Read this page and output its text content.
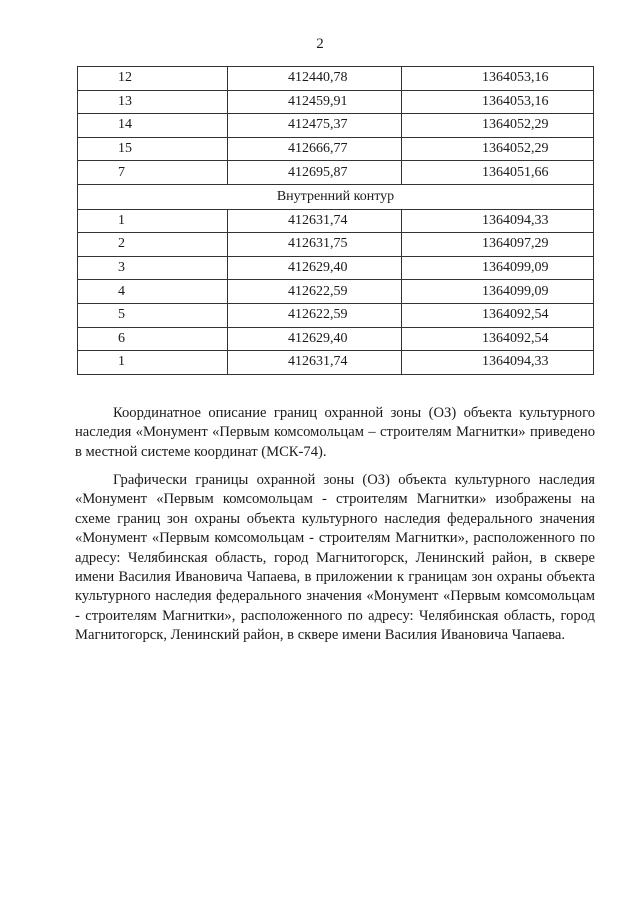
2
12	412440,78	1364053,16
13	412459,91	1364053,16
14	412475,37	1364052,29
15	412666,77	1364052,29
7	412695,87	1364051,66
Внутренний контур		
1	412631,74	1364094,33
2	412631,75	1364097,29
3	412629,40	1364099,09
4	412622,59	1364099,09
5	412622,59	1364092,54
6	412629,40	1364092,54
1	412631,74	1364094,33

Координатное описание границ охранной зоны (ОЗ) объекта культурного наследия «Монумент «Первым комсомольцам – строителям Магнитки» приведено в местной системе координат (МСК-74).

Графически границы охранной зоны (ОЗ) объекта культурного наследия «Монумент «Первым комсомольцам - строителям Магнитки» изображены на схеме границ зон охраны объекта культурного наследия федерального значения «Монумент «Первым комсомольцам - строителям Магнитки», расположенного по адресу: Челябинская область, город Магнитогорск, Ленинский район, в сквере имени Василия Ивановича Чапаева, в приложении к границам зон охраны объекта культурного наследия федерального значения «Монумент «Первым комсомольцам - строителям Магнитки», расположенного по адресу: Челябинская область, город Магнитогорск, Ленинский район, в сквере имени Василия Ивановича Чапаева.
